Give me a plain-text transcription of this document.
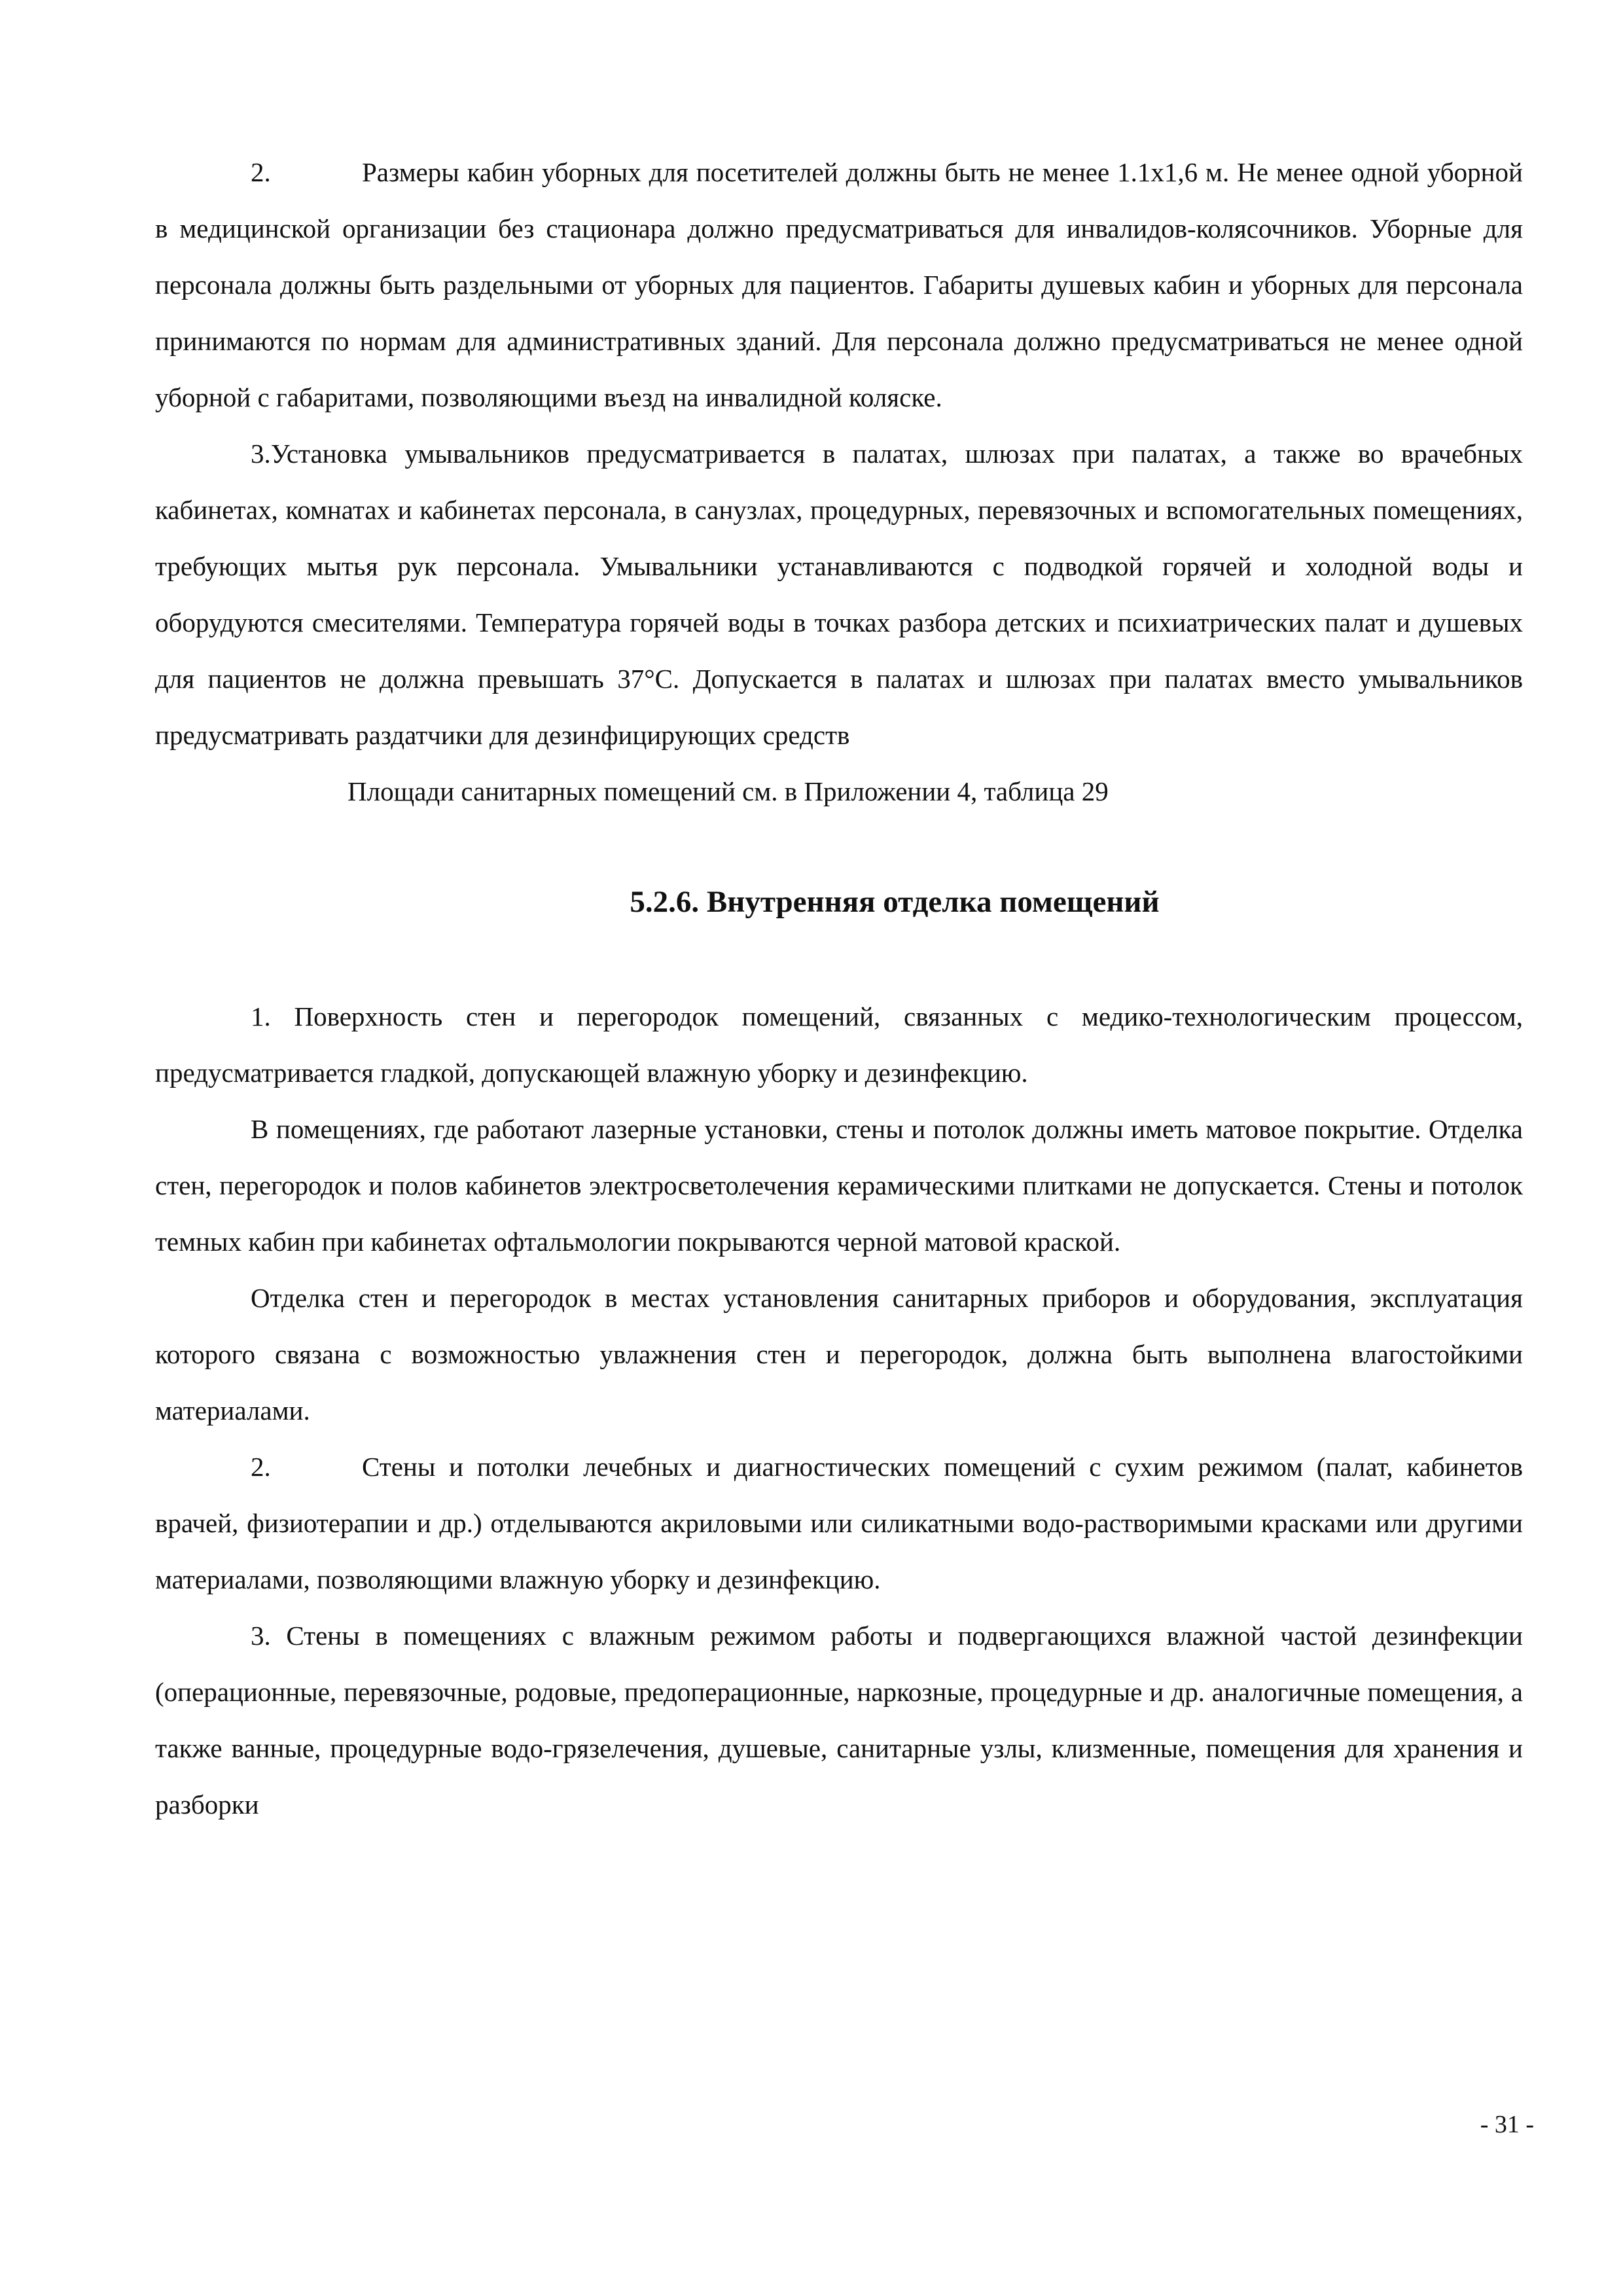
2.	Размеры кабин уборных для посетителей должны быть не менее 1.1х1,6 м. Не менее одной уборной в медицинской организации без стационара должно предусматриваться для инвалидов-колясочников. Уборные для персонала должны быть раздельными от уборных для пациентов. Габариты душевых кабин и уборных для персонала принимаются по нормам для административных зданий. Для персонала должно предусматриваться не менее одной уборной с габаритами, позволяющими въезд на инвалидной коляске.

3.Установка умывальников предусматривается в палатах, шлюзах при палатах, а также во врачебных кабинетах, комнатах и кабинетах персонала, в санузлах, процедурных, перевязочных и вспомогательных помещениях, требующих мытья рук персонала. Умывальники устанавливаются с подводкой горячей и холодной воды и оборудуются смесителями. Температура горячей воды в точках разбора детских и психиатрических палат и душевых для пациентов не должна превышать 37°С. Допускается в палатах и шлюзах при палатах вместо умывальников предусматривать раздатчики для дезинфицирующих средств

Площади санитарных помещений см. в Приложении 4, таблица 29

5.2.6. Внутренняя отделка помещений

1. Поверхность стен и перегородок помещений, связанных с медико-технологическим процессом, предусматривается гладкой, допускающей влажную уборку и дезинфекцию.

В помещениях, где работают лазерные установки, стены и потолок должны иметь матовое покрытие. Отделка стен, перегородок и полов кабинетов электросветолечения керамическими плитками не допускается. Стены и потолок темных кабин при кабинетах офтальмологии покрываются черной матовой краской.

Отделка стен и перегородок в местах установления санитарных приборов и оборудования, эксплуатация которого связана с возможностью увлажнения стен и перегородок, должна быть выполнена влагостойкими материалами.

2.	Стены и потолки лечебных и диагностических помещений с сухим режимом (палат, кабинетов врачей, физиотерапии и др.) отделываются акриловыми или силикатными водо-растворимыми красками или другими материалами, позволяющими влажную уборку и дезинфекцию.

3. Стены в помещениях с влажным режимом работы и подвергающихся влажной частой дезинфекции (операционные, перевязочные, родовые, предоперационные, наркозные, процедурные и др. аналогичные помещения, а также ванные, процедурные водо-грязелечения, душевые, санитарные узлы, клизменные, помещения для хранения и разборки

- 31 -
